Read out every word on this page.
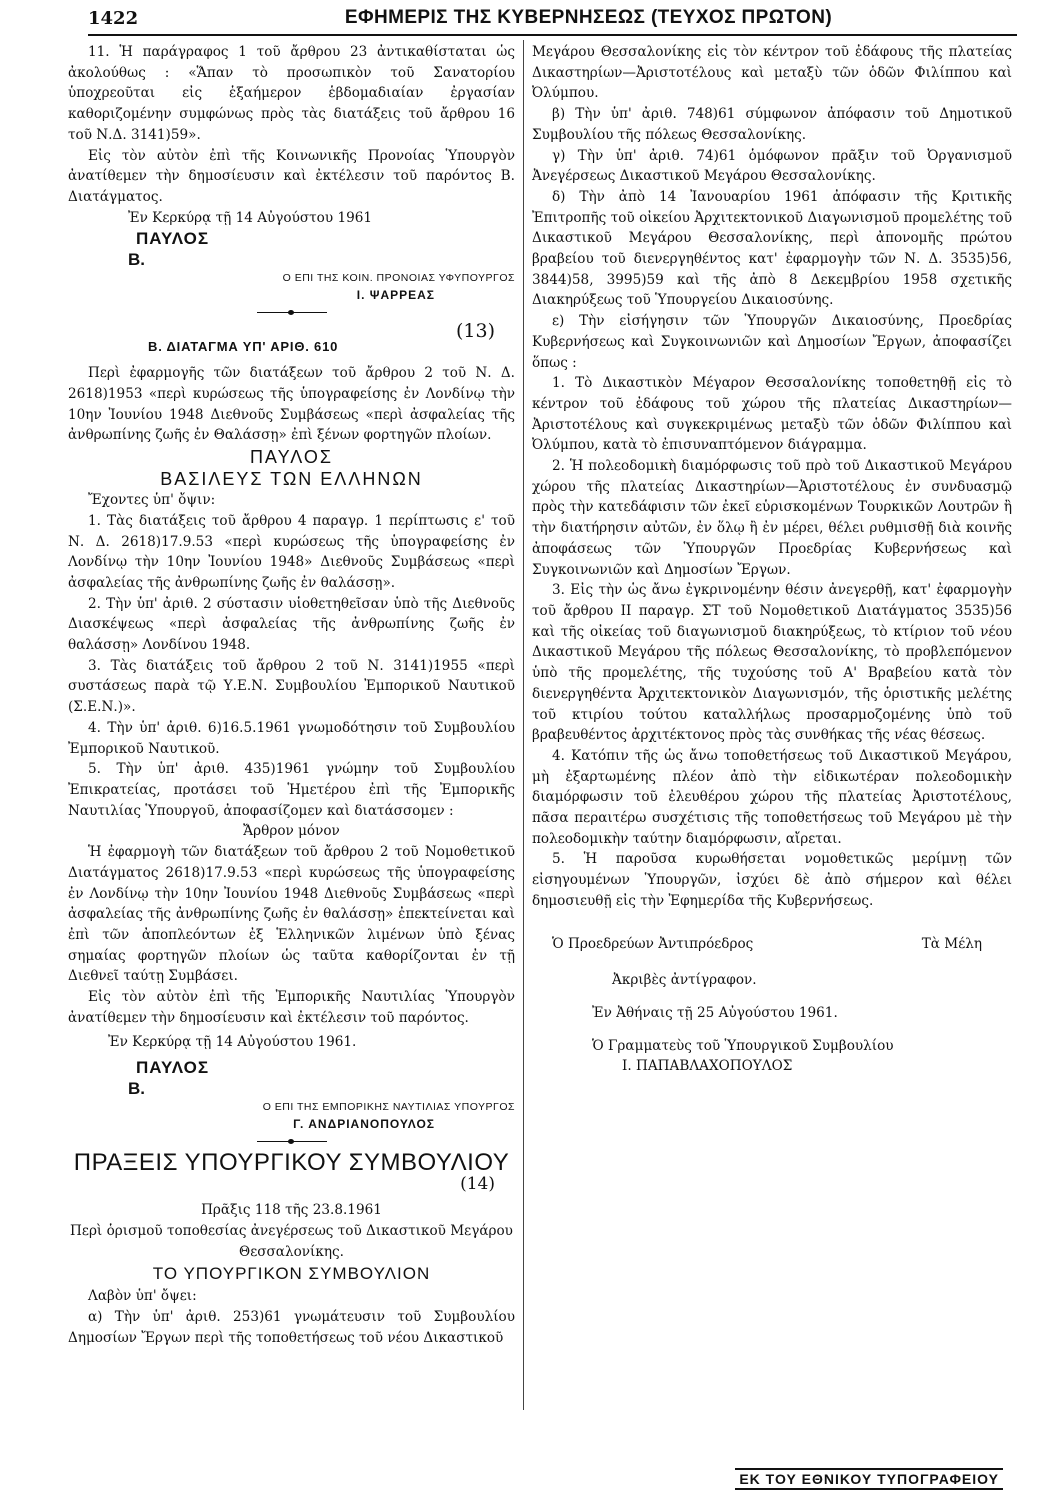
1422	ΕΦΗΜΕΡΙΣ ΤΗΣ ΚΥΒΕΡΝΗΣΕΩΣ (ΤΕΥΧΟΣ ΠΡΩΤΟΝ)

11. Ἡ παράγραφος 1 τοῦ ἄρθρου 23 ἀντικαθίσταται ὡς ἀκολούθως : «Ἅπαν τὸ προσωπικὸν τοῦ Σανατορίου ὑποχρεοῦται εἰς ἑξαήμερον ἑβδομαδιαίαν ἐργασίαν καθοριζομένην συμφώνως πρὸς τὰς διατάξεις τοῦ ἄρθρου 16 τοῦ Ν.Δ. 3141)59».

Εἰς τὸν αὐτὸν ἐπὶ τῆς Κοινωνικῆς Προνοίας Ὑπουργὸν ἀνατίθεμεν τὴν δημοσίευσιν καὶ ἐκτέλεσιν τοῦ παρόντος Β. Διατάγματος.

Ἐν Κερκύρᾳ τῇ 14 Αὐγούστου 1961

ΠΑΥΛΟΣ
Β.
Ο ΕΠΙ ΤΗΣ ΚΟΙΝ. ΠΡΟΝΟΙΑΣ ΥΦΥΠΟΥΡΓΟΣ
Ι. ΨΑΡΡΕΑΣ
Β. ΔΙΑΤΑΓΜΑ ΥΠ' ΑΡΙΘ. 610
(13)

Περὶ ἐφαρμογῆς τῶν διατάξεων τοῦ ἄρθρου 2 τοῦ Ν. Δ. 2618)1953 «περὶ κυρώσεως τῆς ὑπογραφείσης ἐν Λονδίνῳ τὴν 10ην Ἰουνίου 1948 Διεθνοῦς Συμβάσεως «περὶ ἀσφαλείας τῆς ἀνθρωπίνης ζωῆς ἐν Θαλάσσῃ» ἐπὶ ξένων φορτηγῶν πλοίων.

ΠΑΥΛΟΣ
ΒΑΣΙΛΕΥΣ ΤΩΝ ΕΛΛΗΝΩΝ

Ἔχοντες ὑπ' ὄψιν:

1. Τὰς διατάξεις τοῦ ἄρθρου 4 παραγρ. 1 περίπτωσις ε' τοῦ Ν. Δ. 2618)17.9.53 «περὶ κυρώσεως τῆς ὑπογραφείσης ἐν Λονδίνῳ τὴν 10ην Ἰουνίου 1948» Διεθνοῦς Συμβάσεως «περὶ ἀσφαλείας τῆς ἀνθρωπίνης ζωῆς ἐν θαλάσσῃ».

2. Τὴν ὑπ' ἀριθ. 2 σύστασιν υἱοθετηθεῖσαν ὑπὸ τῆς Διεθνοῦς Διασκέψεως «περὶ ἀσφαλείας τῆς ἀνθρωπίνης ζωῆς ἐν θαλάσσῃ» Λονδίνου 1948.

3. Τὰς διατάξεις τοῦ ἄρθρου 2 τοῦ Ν. 3141)1955 «περὶ συστάσεως παρὰ τῷ Υ.Ε.Ν. Συμβουλίου Ἐμπορικοῦ Ναυτικοῦ (Σ.Ε.Ν.)».

4. Τὴν ὑπ' ἀριθ. 6)16.5.1961 γνωμοδότησιν τοῦ Συμβουλίου Ἐμπορικοῦ Ναυτικοῦ.

5. Τὴν ὑπ' ἀριθ. 435)1961 γνώμην τοῦ Συμβουλίου Ἐπικρατείας, προτάσει τοῦ Ἡμετέρου ἐπὶ τῆς Ἐμπορικῆς Ναυτιλίας Ὑπουργοῦ, ἀποφασίζομεν καὶ διατάσσομεν :

Ἄρθρον μόνον

Ἡ ἐφαρμογὴ τῶν διατάξεων τοῦ ἄρθρου 2 τοῦ Νομοθετικοῦ Διατάγματος 2618)17.9.53 «περὶ κυρώσεως τῆς ὑπογραφείσης ἐν Λονδίνῳ τὴν 10ην Ἰουνίου 1948 Διεθνοῦς Συμβάσεως «περὶ ἀσφαλείας τῆς ἀνθρωπίνης ζωῆς ἐν θαλάσσῃ» ἐπεκτείνεται καὶ ἐπὶ τῶν ἀποπλεόντων ἐξ Ἑλληνικῶν λιμένων ὑπὸ ξένας σημαίας φορτηγῶν πλοίων ὡς ταῦτα καθορίζονται ἐν τῇ Διεθνεῖ ταύτῃ Συμβάσει.

Εἰς τὸν αὐτὸν ἐπὶ τῆς Ἐμπορικῆς Ναυτιλίας Ὑπουργὸν ἀνατίθεμεν τὴν δημοσίευσιν καὶ ἐκτέλεσιν τοῦ παρόντος.

Ἐν Κερκύρᾳ τῇ 14 Αὐγούστου 1961.

ΠΑΥΛΟΣ
Β.
Ο ΕΠΙ ΤΗΣ ΕΜΠΟΡΙΚΗΣ ΝΑΥΤΙΛΙΑΣ ΥΠΟΥΡΓΟΣ
Γ. ΑΝΔΡΙΑΝΟΠΟΥΛΟΣ
ΠΡΑΞΕΙΣ ΥΠΟΥΡΓΙΚΟΥ ΣΥΜΒΟΥΛΙΟΥ
(14)

Πρᾶξις 118 τῆς 23.8.1961

Περὶ ὁρισμοῦ τοποθεσίας ἀνεγέρσεως τοῦ Δικαστικοῦ Μεγάρου Θεσσαλονίκης.

ΤΟ ΥΠΟΥΡΓΙΚΟΝ ΣΥΜΒΟΥΛΙΟΝ

Λαβὸν ὑπ' ὄψει:

α) Τὴν ὑπ' ἀριθ. 253)61 γνωμάτευσιν τοῦ Συμβουλίου Δημοσίων Ἔργων περὶ τῆς τοποθετήσεως τοῦ νέου Δικαστικοῦ

Μεγάρου Θεσσαλονίκης εἰς τὸν κέντρον τοῦ ἐδάφους τῆς πλατείας Δικαστηρίων—Ἀριστοτέλους καὶ μεταξὺ τῶν ὁδῶν Φιλίππου καὶ Ὀλύμπου.

β) Τὴν ὑπ' ἀριθ. 748)61 σύμφωνον ἀπόφασιν τοῦ Δημοτικοῦ Συμβουλίου τῆς πόλεως Θεσσαλονίκης.

γ) Τὴν ὑπ' ἀριθ. 74)61 ὁμόφωνον πρᾶξιν τοῦ Ὀργανισμοῦ Ἀνεγέρσεως Δικαστικοῦ Μεγάρου Θεσσαλονίκης.

δ) Τὴν ἀπὸ 14 Ἰανουαρίου 1961 ἀπόφασιν τῆς Κριτικῆς Ἐπιτροπῆς τοῦ οἰκείου Ἀρχιτεκτονικοῦ Διαγωνισμοῦ προμελέτης τοῦ Δικαστικοῦ Μεγάρου Θεσσαλονίκης, περὶ ἀπονομῆς πρώτου βραβείου τοῦ διενεργηθέντος κατ' ἐφαρμογὴν τῶν Ν. Δ. 3535)56, 3844)58, 3995)59 καὶ τῆς ἀπὸ 8 Δεκεμβρίου 1958 σχετικῆς Διακηρύξεως τοῦ Ὑπουργείου Δικαιοσύνης.

ε) Τὴν εἰσήγησιν τῶν Ὑπουργῶν Δικαιοσύνης, Προεδρίας Κυβερνήσεως καὶ Συγκοινωνιῶν καὶ Δημοσίων Ἔργων, ἀποφασίζει ὅπως :

1. Τὸ Δικαστικὸν Μέγαρον Θεσσαλονίκης τοποθετηθῇ εἰς τὸ κέντρον τοῦ ἐδάφους τοῦ χώρου τῆς πλατείας Δικαστηρίων—Ἀριστοτέλους καὶ συγκεκριμένως μεταξὺ τῶν ὁδῶν Φιλίππου καὶ Ὀλύμπου, κατὰ τὸ ἐπισυναπτόμενον διάγραμμα.

2. Ἡ πολεοδομικὴ διαμόρφωσις τοῦ πρὸ τοῦ Δικαστικοῦ Μεγάρου χώρου τῆς πλατείας Δικαστηρίων—Ἀριστοτέλους ἐν συνδυασμῷ πρὸς τὴν κατεδάφισιν τῶν ἐκεῖ εὑρισκομένων Τουρκικῶν Λουτρῶν ἢ τὴν διατήρησιν αὐτῶν, ἐν ὅλῳ ἢ ἐν μέρει, θέλει ρυθμισθῇ διὰ κοινῆς ἀποφάσεως τῶν Ὑπουργῶν Προεδρίας Κυβερνήσεως καὶ Συγκοινωνιῶν καὶ Δημοσίων Ἔργων.

3. Εἰς τὴν ὡς ἄνω ἐγκρινομένην θέσιν ἀνεγερθῇ, κατ' ἐφαρμογὴν τοῦ ἄρθρου ΙΙ παραγρ. ΣΤ τοῦ Νομοθετικοῦ Διατάγματος 3535)56 καὶ τῆς οἰκείας τοῦ διαγωνισμοῦ διακηρύξεως, τὸ κτίριον τοῦ νέου Δικαστικοῦ Μεγάρου τῆς πόλεως Θεσσαλονίκης, τὸ προβλεπόμενον ὑπὸ τῆς προμελέτης, τῆς τυχούσης τοῦ Α' Βραβείου κατὰ τὸν διενεργηθέντα Ἀρχιτεκτονικὸν Διαγωνισμόν, τῆς ὁριστικῆς μελέτης τοῦ κτιρίου τούτου καταλλήλως προσαρμοζομένης ὑπὸ τοῦ βραβευθέντος ἀρχιτέκτονος πρὸς τὰς συνθήκας τῆς νέας θέσεως.

4. Κατόπιν τῆς ὡς ἄνω τοποθετήσεως τοῦ Δικαστικοῦ Μεγάρου, μὴ ἐξαρτωμένης πλέον ἀπὸ τὴν εἰδικωτέραν πολεοδομικὴν διαμόρφωσιν τοῦ ἐλευθέρου χώρου τῆς πλατείας Ἀριστοτέλους, πᾶσα περαιτέρω συσχέτισις τῆς τοποθετήσεως τοῦ Μεγάρου μὲ τὴν πολεοδομικὴν ταύτην διαμόρφωσιν, αἴρεται.

5. Ἡ παροῦσα κυρωθήσεται νομοθετικῶς μερίμνῃ τῶν εἰσηγουμένων Ὑπουργῶν, ἰσχύει δὲ ἀπὸ σήμερον καὶ θέλει δημοσιευθῇ εἰς τὴν Ἐφημερίδα τῆς Κυβερνήσεως.

Ὁ Προεδρεύων Ἀντιπρόεδρος	Τὰ Μέλη

Ἀκριβὲς ἀντίγραφον.

Ἐν Ἀθήναις τῇ 25 Αὐγούστου 1961.

Ὁ Γραμματεὺς τοῦ Ὑπουργικοῦ Συμβουλίου

Ι. ΠΑΠΑΒΛΑΧΟΠΟΥΛΟΣ

ΕΚ ΤΟΥ ΕΘΝΙΚΟΥ ΤΥΠΟΓΡΑΦΕΙΟΥ
